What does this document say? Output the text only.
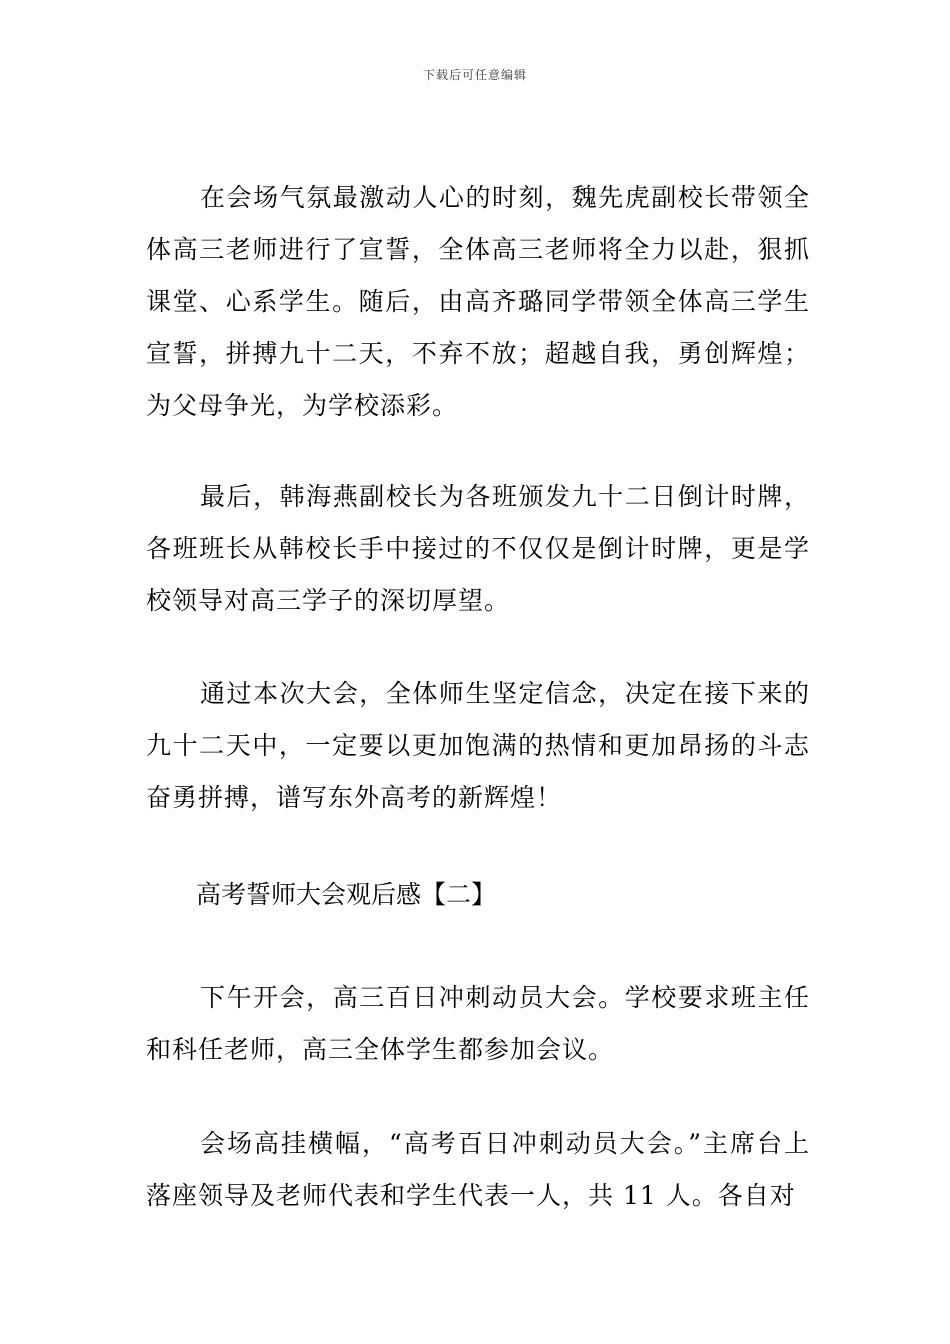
下载后可任意编辑

在会场气氛最激动人心的时刻，魏先虎副校长带领全体高三老师进行了宣誓，全体高三老师将全力以赴，狠抓课堂、心系学生。随后，由高齐璐同学带领全体高三学生宣誓，拼搏九十二天，不弃不放；超越自我，勇创辉煌；为父母争光，为学校添彩。

最后，韩海燕副校长为各班颁发九十二日倒计时牌，各班班长从韩校长手中接过的不仅仅是倒计时牌，更是学校领导对高三学子的深切厚望。

通过本次大会，全体师生坚定信念，决定在接下来的九十二天中，一定要以更加饱满的热情和更加昂扬的斗志奋勇拼搏，谱写东外高考的新辉煌！

高考誓师大会观后感【二】

下午开会，高三百日冲刺动员大会。学校要求班主任和科任老师，高三全体学生都参加会议。

会场高挂横幅，“高考百日冲刺动员大会。”主席台上落座领导及老师代表和学生代表一人，共 11 人。各自对
